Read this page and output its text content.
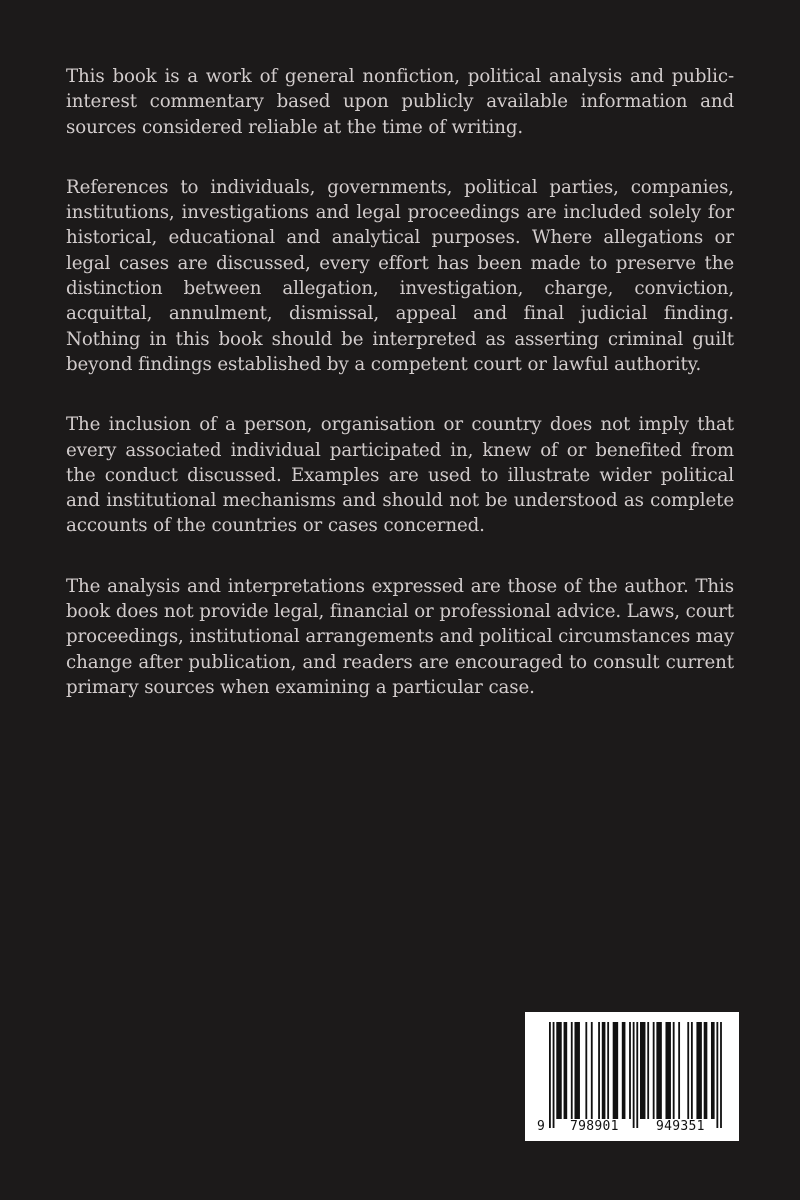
This book is a work of general nonfiction, political analysis and public-interest commentary based upon publicly available information and sources considered reliable at the time of writing.

References to individuals, governments, political parties, companies, institutions, investigations and legal proceedings are included solely for historical, educational and analytical purposes. Where allegations or legal cases are discussed, every effort has been made to preserve the distinction between allegation, investigation, charge, conviction, acquittal, annulment, dismissal, appeal and final judicial finding. Nothing in this book should be interpreted as asserting criminal guilt beyond findings established by a competent court or lawful authority.

The inclusion of a person, organisation or country does not imply that every associated individual participated in, knew of or benefited from the conduct discussed. Examples are used to illustrate wider political and institutional mechanisms and should not be understood as complete accounts of the countries or cases concerned.

The analysis and interpretations expressed are those of the author. This book does not provide legal, financial or professional advice. Laws, court proceedings, institutional arrangements and political circumstances may change after publication, and readers are encouraged to consult current primary sources when examining a particular case.

9 798901	949351
